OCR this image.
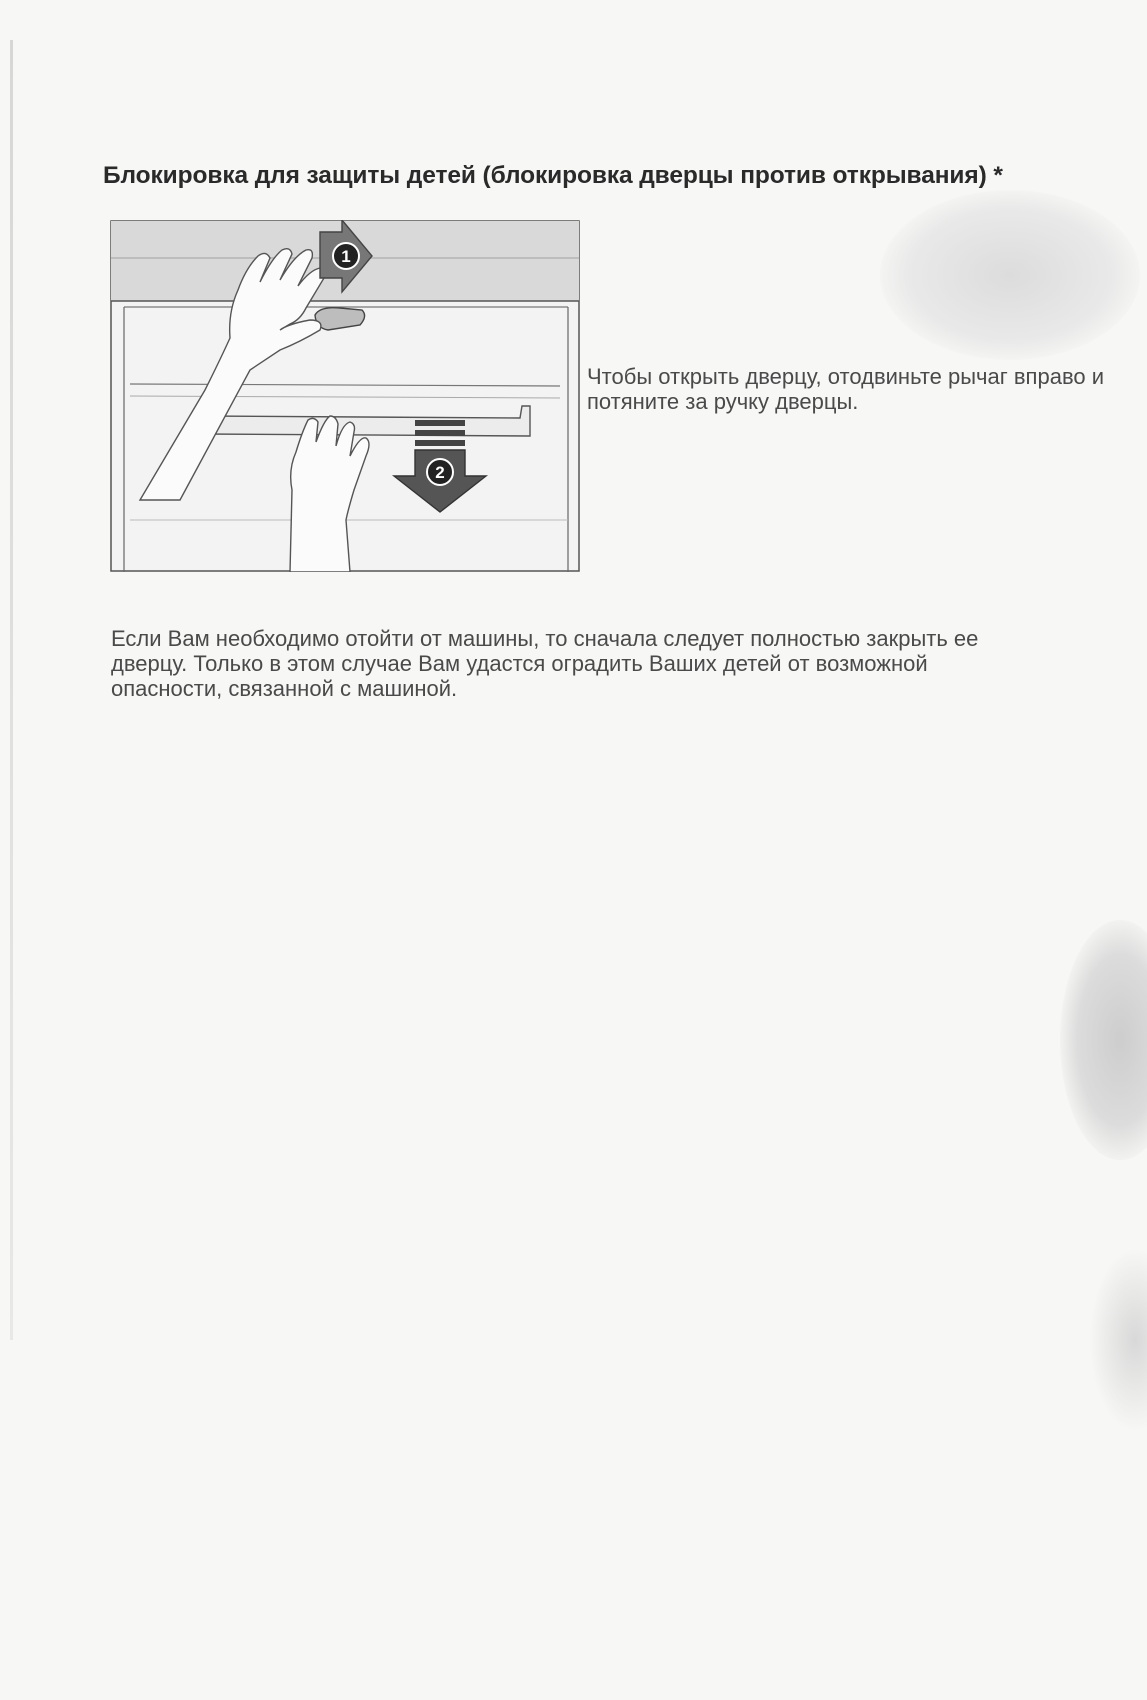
Блокировка для защиты детей (блокировка дверцы против открывания) *
1
2
Чтобы открыть дверцу, отодвиньте рычаг вправо и потяните за ручку дверцы.
Если Вам необходимо отойти от машины, то сначала следует полностью закрыть ее дверцу. Только в этом случае Вам удастся оградить Ваших детей от возможной опасности, связанной с машиной.
